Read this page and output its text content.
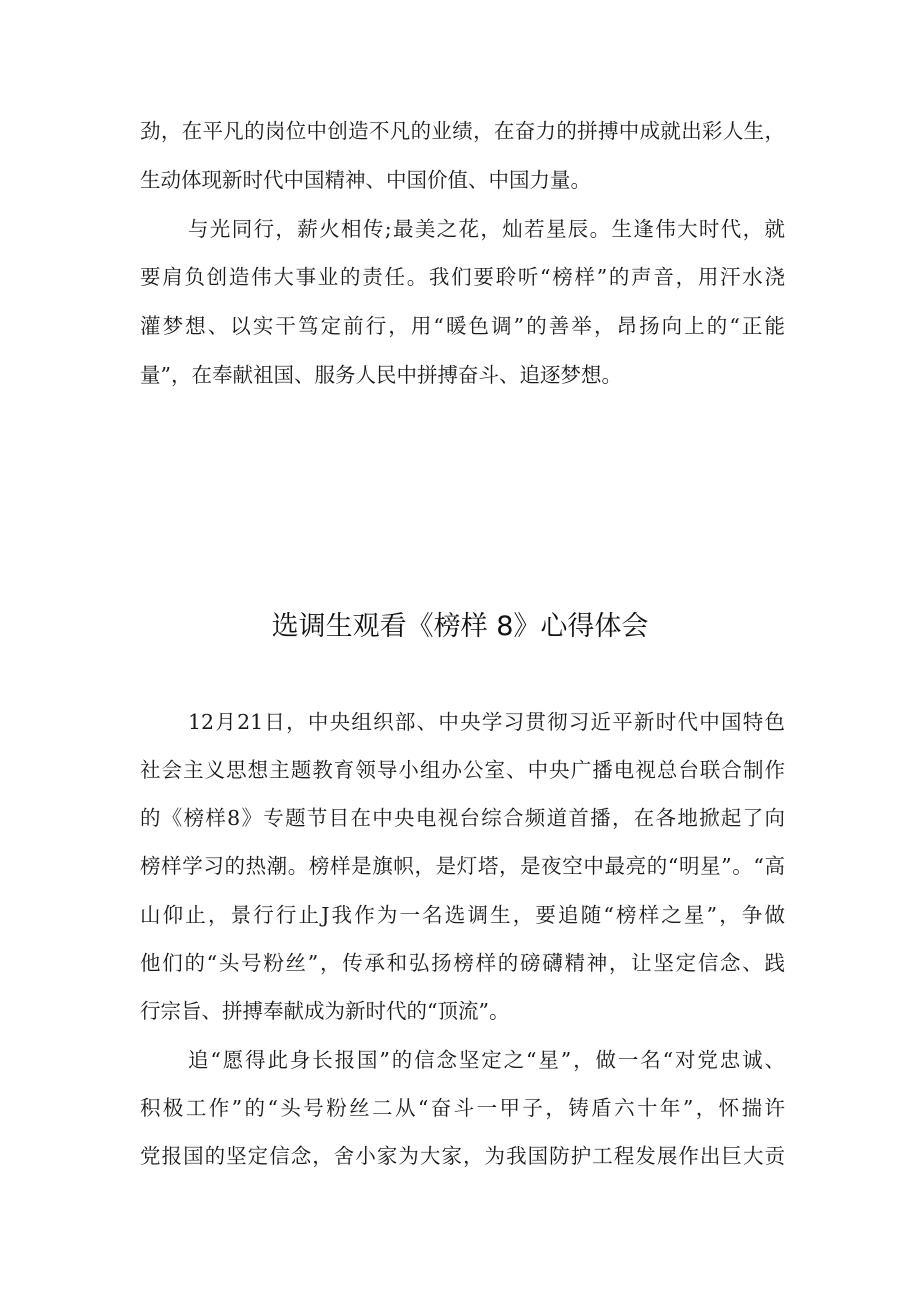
劲，在平凡的岗位中创造不凡的业绩，在奋力的拼搏中成就出彩人生，
生动体现新时代中国精神、中国价值、中国力量。
与光同行，薪火相传;最美之花，灿若星辰。生逢伟大时代，就
要肩负创造伟大事业的责任。我们要聆听“榜样”的声音，用汗水浇
灌梦想、以实干笃定前行，用“暖色调”的善举，昂扬向上的“正能
量”，在奉献祖国、服务人民中拼搏奋斗、追逐梦想。
选调生观看《榜样 8》心得体会
12月21日，中央组织部、中央学习贯彻习近平新时代中国特色
社会主义思想主题教育领导小组办公室、中央广播电视总台联合制作
的《榜样8》专题节目在中央电视台综合频道首播，在各地掀起了向
榜样学习的热潮。榜样是旗帜，是灯塔，是夜空中最亮的“明星”。“高
山仰止，景行行止J我作为一名选调生，要追随“榜样之星”，争做
他们的“头号粉丝”，传承和弘扬榜样的磅礴精神，让坚定信念、践
行宗旨、拼搏奉献成为新时代的“顶流”。
追“愿得此身长报国”的信念坚定之“星”，做一名“对党忠诚、
积极工作”的“头号粉丝二从“奋斗一甲子，铸盾六十年”，怀揣许
党报国的坚定信念，舍小家为大家，为我国防护工程发展作出巨大贡
